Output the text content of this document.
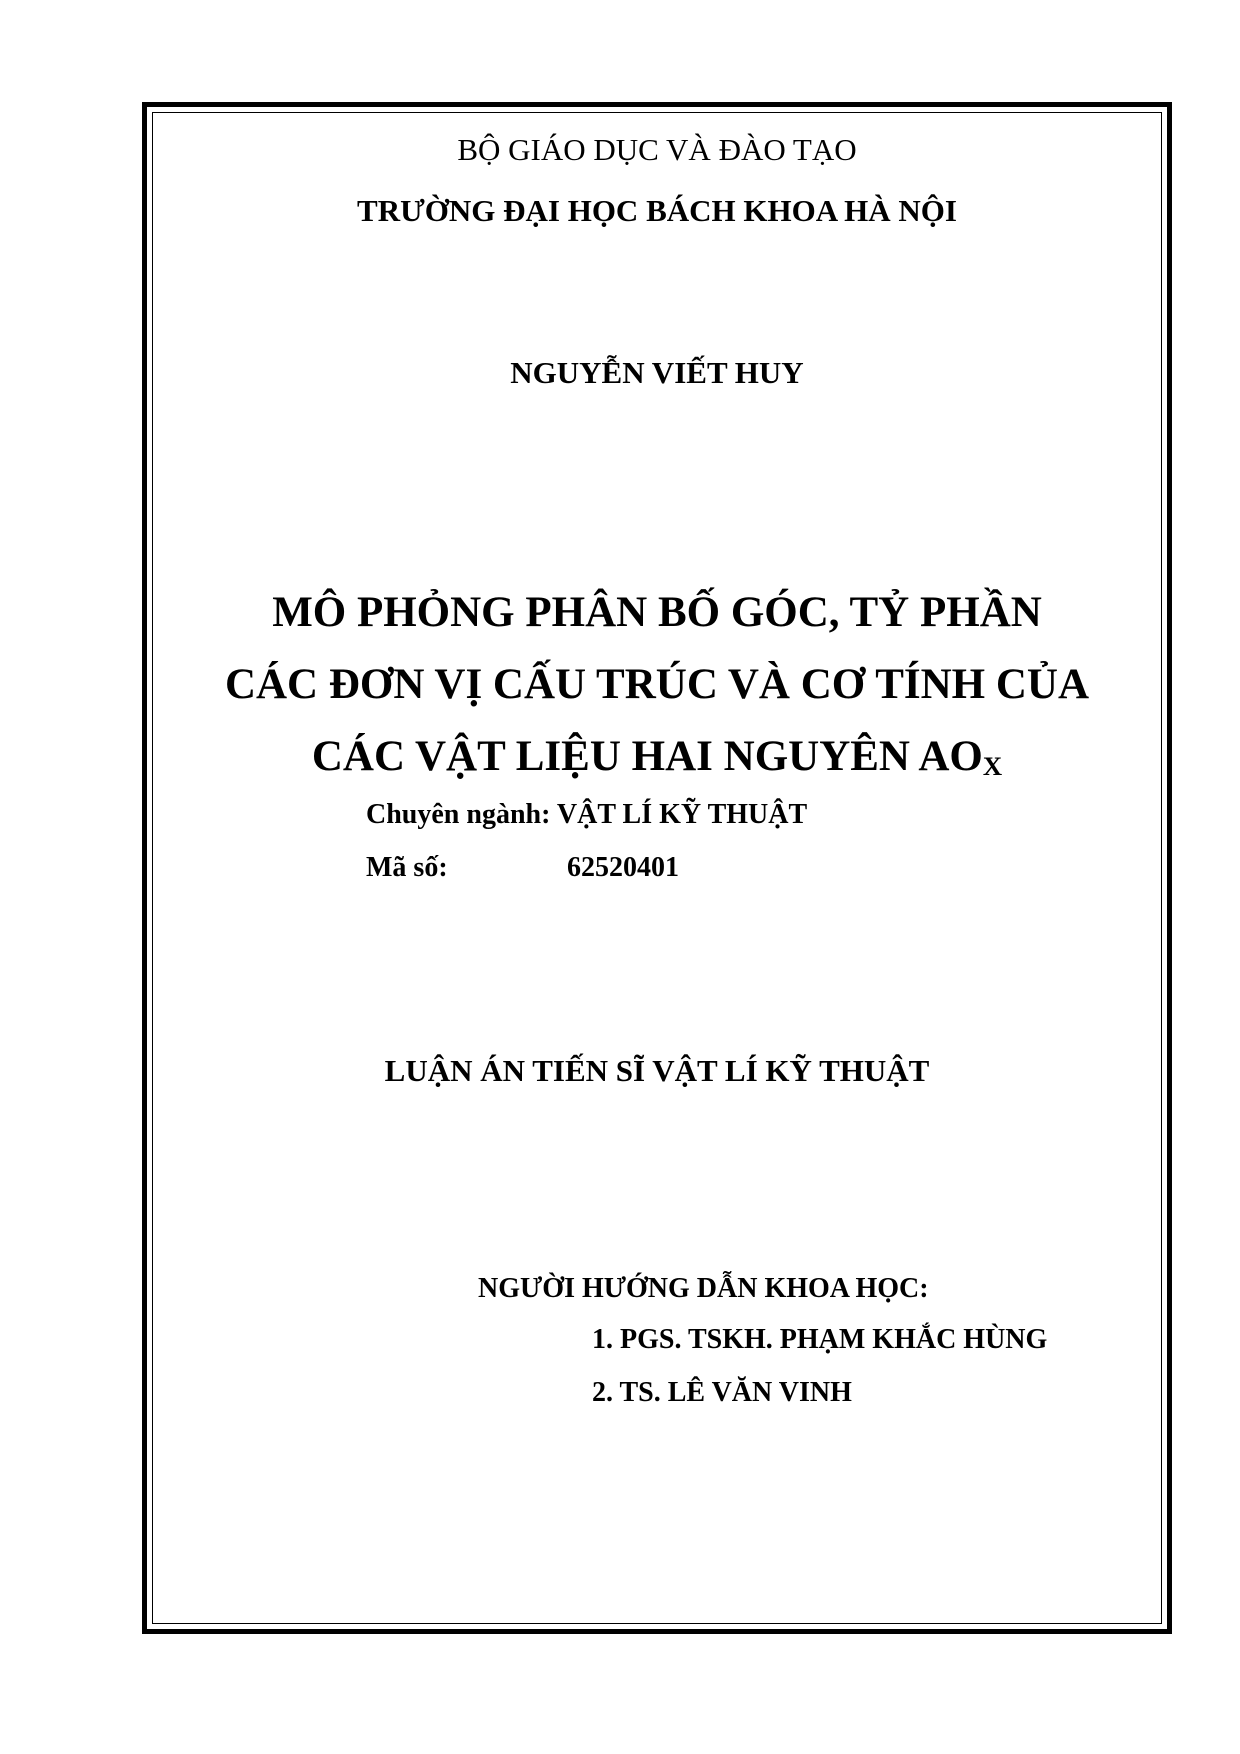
BỘ GIÁO DỤC VÀ ĐÀO TẠO
TRƯỜNG ĐẠI HỌC BÁCH KHOA HÀ NỘI
NGUYỄN VIẾT HUY
MÔ PHỎNG PHÂN BỐ GÓC, TỶ PHẦN
CÁC ĐƠN VỊ CẤU TRÚC VÀ CƠ TÍNH CỦA
CÁC VẬT LIỆU HAI NGUYÊN AOX
Chuyên ngành: VẬT LÍ KỸ THUẬT
Mã số:	62520401
LUẬN ÁN TIẾN SĨ VẬT LÍ KỸ THUẬT
NGƯỜI HƯỚNG DẪN KHOA HỌC:
1. PGS. TSKH. PHẠM KHẮC HÙNG
2. TS. LÊ VĂN VINH
